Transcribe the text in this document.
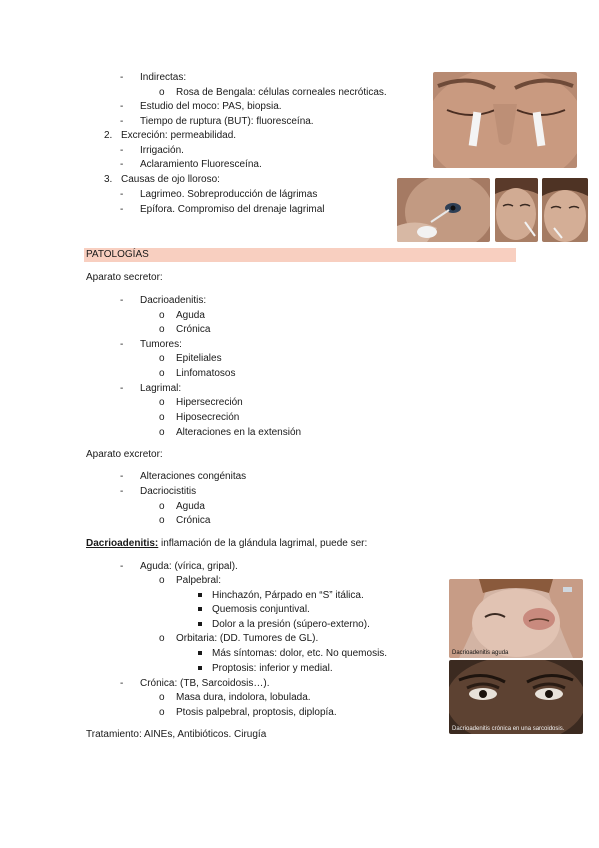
- Indirectas:
o Rosa de Bengala: células corneales necróticas.
- Estudio del moco: PAS, biopsia.
- Tiempo de ruptura (BUT): fluoresceína.
2. Excreción: permeabilidad.
- Irrigación.
- Aclaramiento Fluoresceína.
3. Causas de ojo lloroso:
- Lagrimeo. Sobreproducción de lágrimas
- Epífora. Compromiso del drenaje lagrimal
PATOLOGÍAS
Aparato secretor:
- Dacrioadenitis:
o Aguda
o Crónica
- Tumores:
o Epiteliales
o Linfomatosos
- Lagrimal:
o Hipersecreción
o Hiposecreción
o Alteraciones en la extensión
Aparato excretor:
- Alteraciones congénitas
- Dacriocistitis
o Aguda
o Crónica
Dacrioadenitis: inflamación de la glándula lagrimal, puede ser:
- Aguda: (vírica, gripal).
o Palpebral:
Hinchazón, Párpado en “S” itálica.
Quemosis conjuntival.
Dolor a la presión (súpero-externo).
o Orbitaria: (DD. Tumores de GL).
Más síntomas: dolor, etc. No quemosis.
Proptosis: inferior y medial.
- Crónica: (TB, Sarcoidosis…).
o Masa dura, indolora, lobulada.
o Ptosis palpebral, proptosis, diplopía.
Tratamiento: AINEs, Antibióticos. Cirugía
Dacrioadenitis aguda
Dacrioadenitis crónica en una sarcoidosis.
